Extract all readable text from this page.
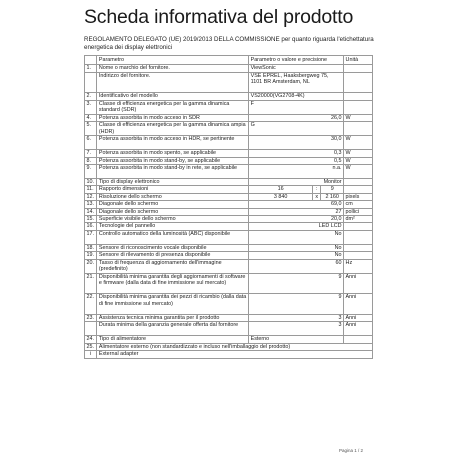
Scheda informativa del prodotto
REGOLAMENTO DELEGATO (UE) 2019/2013 DELLA COMMISSIONE per quanto riguarda l'etichettatura energetica dei display elettronici
	Parametro	Parametro o valore e precisione			Unità
1.	Nome o marchio del fornitore.	ViewSonic			
	Indirizzo del fornitore.	VSE EPREL, Haaksbergweg 75, 1101 BR Amsterdam, NL			
2.	Identificativo del modello	VS20000(VG2708-4K)			
3.	Classe di efficienza energetica per la gamma dinamica standard (SDR)	F			
4.	Potenza assorbita in modo acceso in SDR	26,0			W
5.	Classe di efficienza energetica per la gamma dinamica ampia (HDR)	G			
6.	Potenza assorbita in modo acceso in HDR, se pertinente	30,0			W
7.	Potenza assorbita in modo spento, se applicabile	0,3			W
8.	Potenza assorbita in modo stand-by, se applicabile	0,5			W
9.	Potenza assorbita in modo stand-by in rete, se applicabile	n.a.			W
10.	Tipo di display elettronico	Monitor			
11.	Rapporto dimensioni	16	:	9	
12.	Risoluzione dello schermo	3 840	x	2 160	pixels
13.	Diagonale dello schermo	69,0			cm
14.	Diagonale dello schermo	27			pollici
15.	Superficie visibile dello schermo	20,0			dm²
16.	Tecnologie del pannello	LED LCD			
17.	Controllo automatico della luminosità (ABC) disponibile	No			
18.	Sensore di riconoscimento vocale disponibile	No			
19.	Sensore di rilevamento di presenza disponibile	No			
20.	Tasso di frequenza di aggiornamento dell'immagine (predefinito)	60			Hz
21.	Disponibilità minima garantita degli aggiornamenti di software e firmware (dalla data di fine immissione sul mercato)	9			Anni
22.	Disponibilità minima garantita dei pezzi di ricambio (dalla data di fine immissione sul mercato)	9			Anni
23.	Assistenza tecnica minima garantita per il prodotto	3			Anni
	Durata minima della garanzia generale offerta dal fornitore	3			Anni
24.	Tipo di alimentatore	Esterno			
25.	Alimentatore esterno (non standardizzato e incluso nell'imballaggio del prodotto)				
i	External adapter				
Pagina 1 / 2
